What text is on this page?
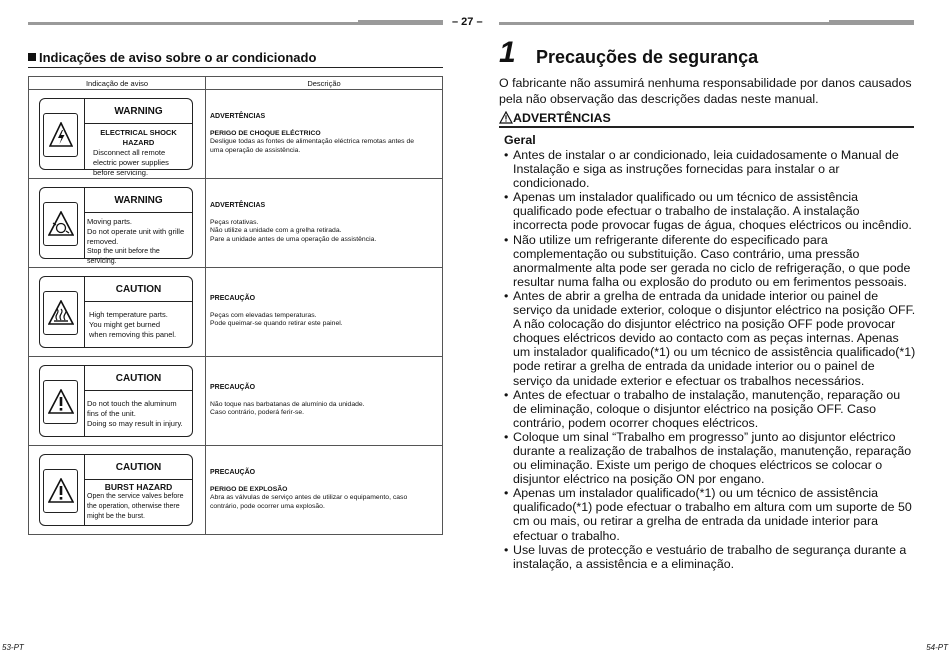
– 27 –
Indicações de aviso sobre o ar condicionado
Indicação de aviso	Descrição

WARNING
ELECTRICAL SHOCK HAZARD
Disconnect all remote
electric power supplies
before servicing.	ADVERTÊNCIAS
PERIGO DE CHOQUE ELÉCTRICO
Desligue todas as fontes de alimentação eléctrica remotas antes de
uma operação de assistência.

WARNING
Moving parts.
Do not operate unit with grille
removed.
Stop the unit before the servicing.	ADVERTÊNCIAS
Peças rotativas.
Não utilize a unidade com a grelha retirada.
Pare a unidade antes de uma operação de assistência.

CAUTION
High temperature parts.
You might get burned
when removing this panel.	PRECAUÇÃO
Peças com elevadas temperaturas.
Pode queimar-se quando retirar este painel.

CAUTION
Do not touch the aluminum
fins of the unit.
Doing so may result in injury.	PRECAUÇÃO
Não toque nas barbatanas de alumínio da unidade.
Caso contrário, poderá ferir-se.

CAUTION
BURST HAZARD
Open the service valves before
the operation, otherwise there
might be the burst.	PRECAUÇÃO
PERIGO DE EXPLOSÃO
Abra as válvulas de serviço antes de utilizar o equipamento, caso
contrário, pode ocorrer uma explosão.
1 Precauções de segurança
O fabricante não assumirá nenhuma responsabilidade por danos causados pela não observação das descrições dadas neste manual.
ADVERTÊNCIAS
Geral
• Antes de instalar o ar condicionado, leia cuidadosamente o Manual de Instalação e siga as instruções fornecidas para instalar o ar condicionado.
• Apenas um instalador qualificado ou um técnico de assistência qualificado pode efectuar o trabalho de instalação. A instalação incorrecta pode provocar fugas de água, choques eléctricos ou incêndio.
• Não utilize um refrigerante diferente do especificado para complementação ou substituição. Caso contrário, uma pressão anormalmente alta pode ser gerada no ciclo de refrigeração, o que pode resultar numa falha ou explosão do produto ou em ferimentos pessoais.
• Antes de abrir a grelha de entrada da unidade interior ou painel de serviço da unidade exterior, coloque o disjuntor eléctrico na posição OFF. A não colocação do disjuntor eléctrico na posição OFF pode provocar choques eléctricos devido ao contacto com as peças internas. Apenas um instalador qualificado(*1) ou um técnico de assistência qualificado(*1) pode retirar a grelha de entrada da unidade interior ou o painel de serviço da unidade exterior e efectuar os trabalhos necessários.
• Antes de efectuar o trabalho de instalação, manutenção, reparação ou de eliminação, coloque o disjuntor eléctrico na posição OFF. Caso contrário, podem ocorrer choques eléctricos.
• Coloque um sinal “Trabalho em progresso” junto ao disjuntor eléctrico durante a realização de trabalhos de instalação, manutenção, reparação ou eliminação. Existe um perigo de choques eléctricos se colocar o disjuntor eléctrico na posição ON por engano.
• Apenas um instalador qualificado(*1) ou um técnico de assistência qualificado(*1) pode efectuar o trabalho em altura com um suporte de 50 cm ou mais, ou retirar a grelha de entrada da unidade interior para efectuar o trabalho.
• Use luvas de protecção e vestuário de trabalho de segurança durante a instalação, a assistência e a eliminação.
53-PT	54-PT
